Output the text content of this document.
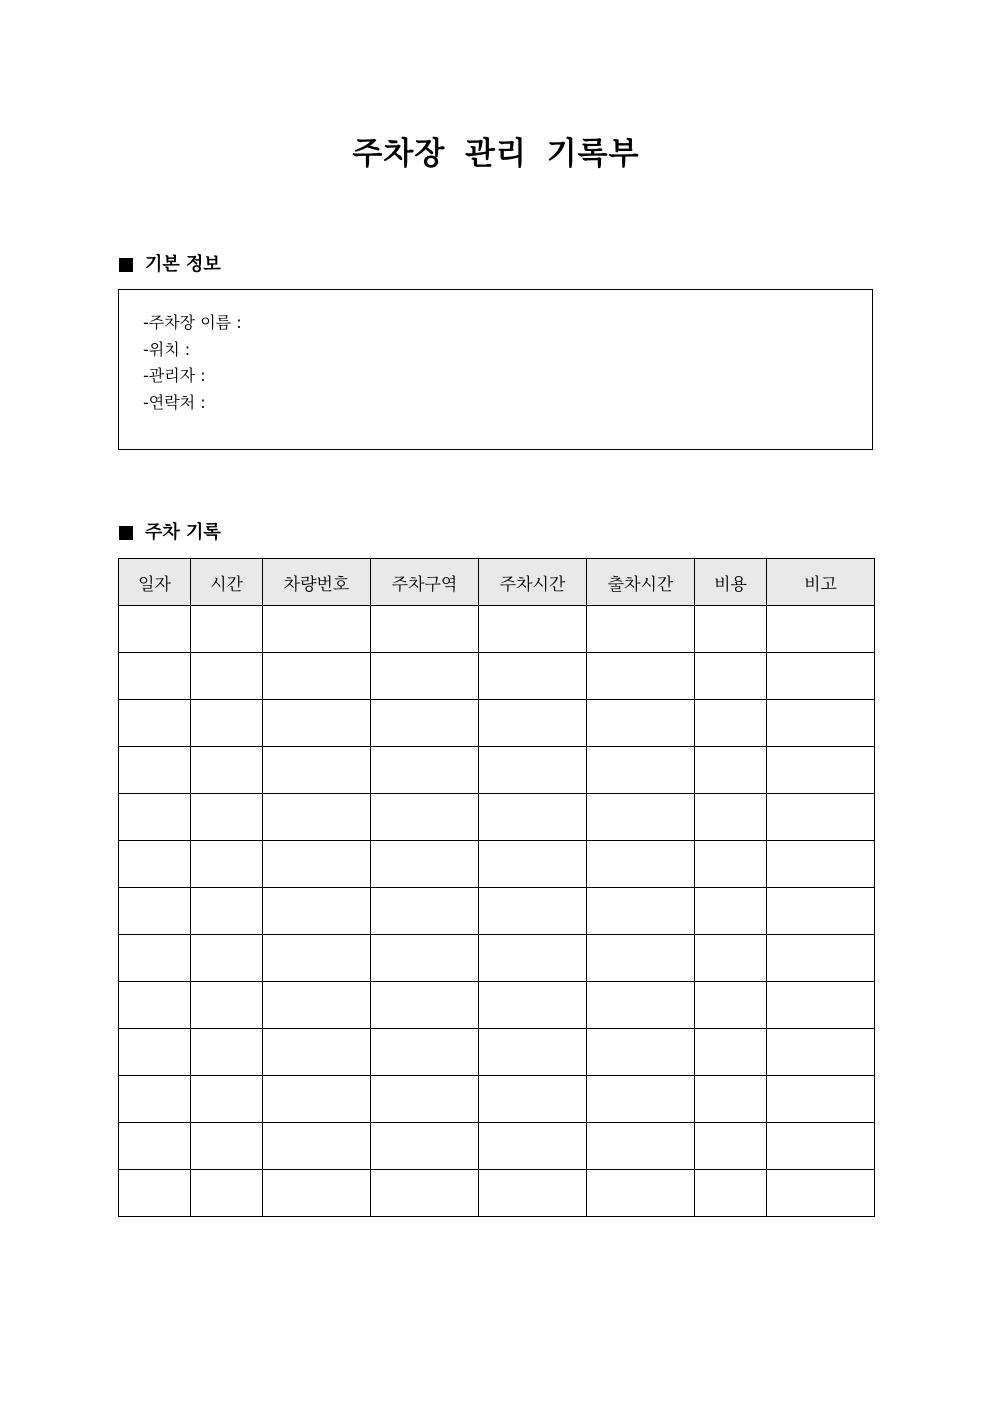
주차장 관리 기록부
기본 정보
-주차장 이름 :
-위치 :
-관리자 :
-연락처 :
주차 기록
일자	시간	차량번호	주차구역	주차시간	출차시간	비용	비고
